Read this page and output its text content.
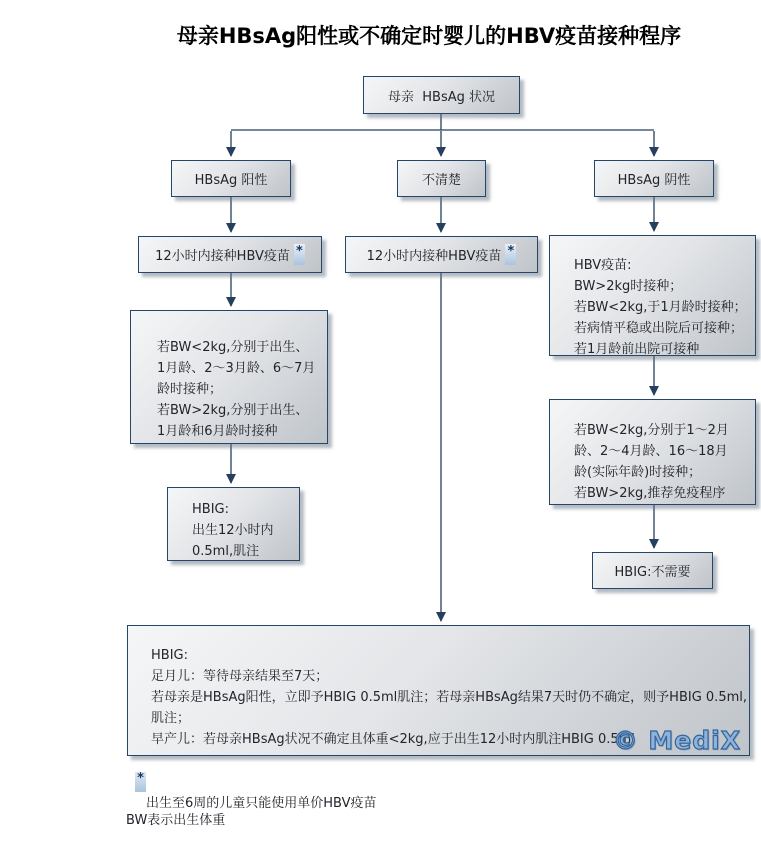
母亲HBsAg阳性或不确定时婴儿的HBV疫苗接种程序
母亲  HBsAg 状况
HBsAg 阳性	不清楚	HBsAg 阴性
12小时内接种HBV疫苗 *	12小时内接种HBV疫苗 *
HBV疫苗:
BW>2kg时接种；
若BW<2kg,于1月龄时接种；
若病情平稳或出院后可接种；
若1月龄前出院可接种
若BW<2kg,分别于出生、
1月龄、2～3月龄、6～7月
龄时接种；
若BW>2kg,分别于出生、
1月龄和6月龄时接种
HBIG:
出生12小时内
0.5ml,肌注
若BW<2kg,分别于1～2月
龄、2～4月龄、16～18月
龄(实际年龄)时接种；
若BW>2kg,推荐免疫程序
HBIG:不需要
HBIG:
足月儿：等待母亲结果至7天；
若母亲是HBsAg阳性，立即予HBIG 0.5ml肌注；若母亲HBsAg结果7天时仍不确定，则予HBIG 0.5ml,
肌注；
早产儿：若母亲HBsAg状况不确定且体重<2kg,应于出生12小时内肌注HBIG 0.5ml
© MediX
*
出生至6周的儿童只能使用单价HBV疫苗
BW表示出生体重
